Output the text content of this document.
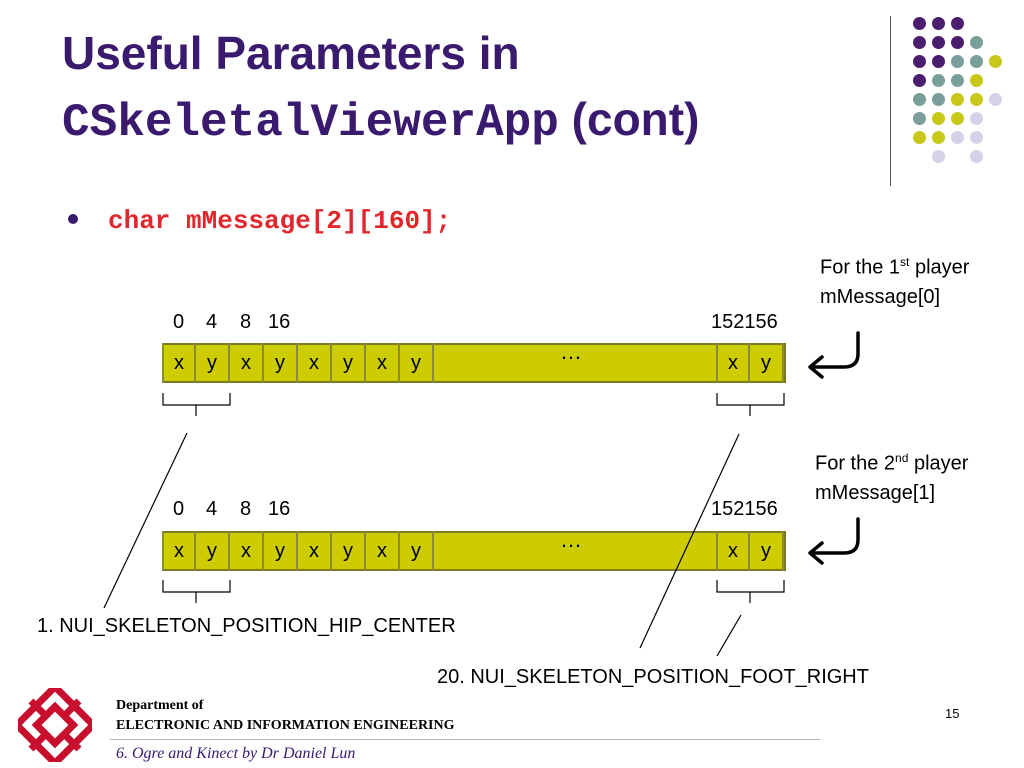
Useful Parameters in
CSkeletalViewerApp (cont)
char mMessage[2][160];
For the 1st player
mMessage[0]
0 4 8 16	152156
x	y	x	y	x	y	x	y	…	x	y
For the 2nd player
mMessage[1]
0 4 8 16	152156
x	y	x	y	x	y	x	y	…	x	y
1. NUI_SKELETON_POSITION_HIP_CENTER
20. NUI_SKELETON_POSITION_FOOT_RIGHT
Department of
ELECTRONIC AND INFORMATION ENGINEERING
6. Ogre and Kinect by Dr Daniel Lun
15
